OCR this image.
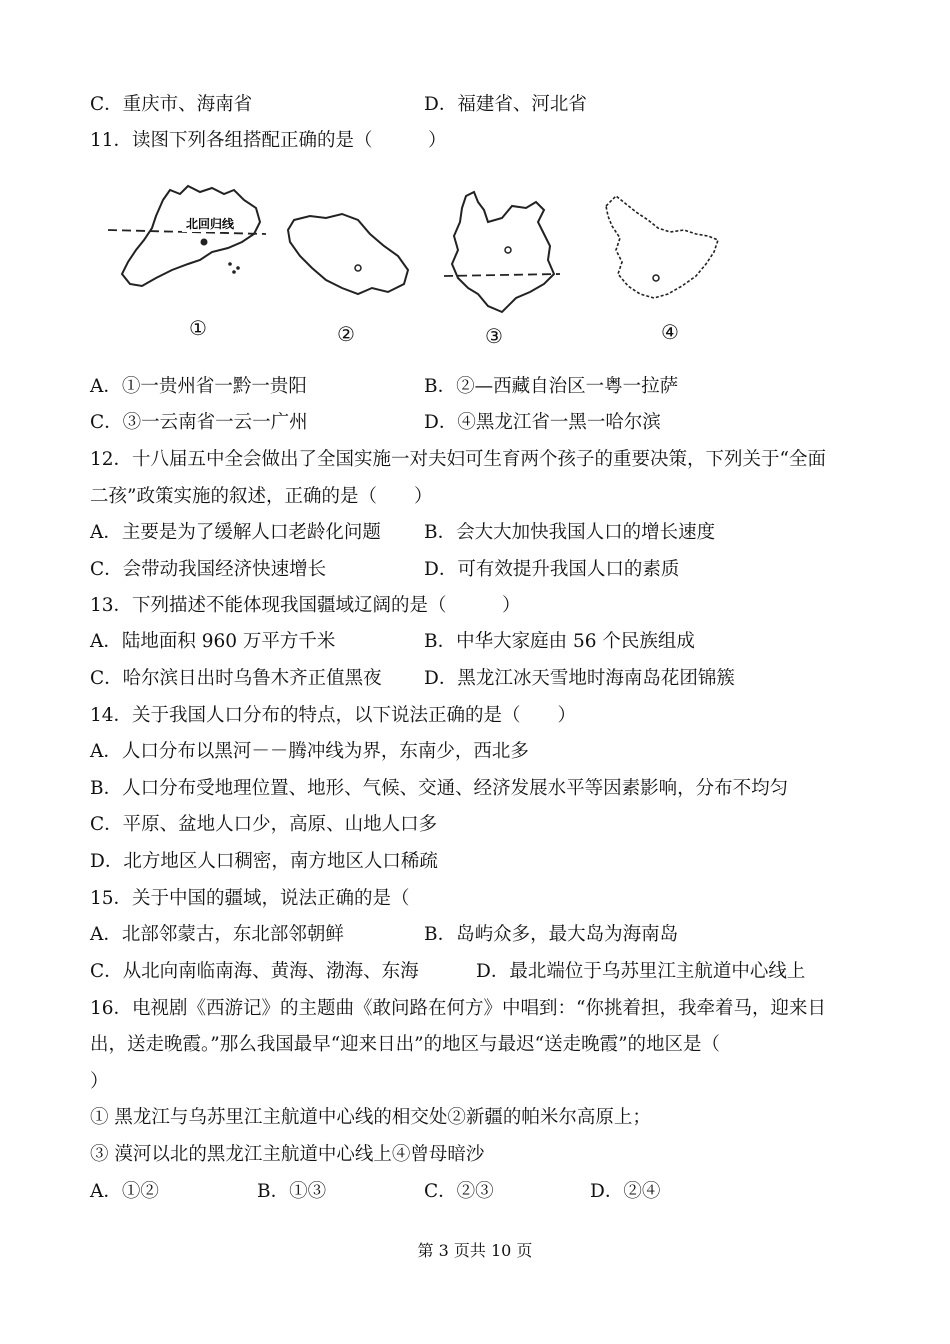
C．重庆市、海南省	D．福建省、河北省
11．读图下列各组搭配正确的是（　　　）
北回归线
①	②	③	④
A．①一贵州省一黔一贵阳	B．②—西藏自治区一粤一拉萨
C．③一云南省一云一广州	D．④黑龙江省一黑一哈尔滨
12．十八届五中全会做出了全国实施一对夫妇可生育两个孩子的重要决策，下列关于“全面
二孩”政策实施的叙述，正确的是（　　）
A．主要是为了缓解人口老龄化问题 B．会大大加快我国人口的增长速度
C．会带动我国经济快速增长	D．可有效提升我国人口的素质
13．下列描述不能体现我国疆域辽阔的是（　　　）
A．陆地面积 960 万平方千米	B．中华大家庭由 56 个民族组成
C．哈尔滨日出时乌鲁木齐正值黑夜 D．黑龙江冰天雪地时海南岛花团锦簇
14．关于我国人口分布的特点，以下说法正确的是（　　）
A．人口分布以黑河－－腾冲线为界，东南少，西北多
B．人口分布受地理位置、地形、气候、交通、经济发展水平等因素影响，分布不均匀
C．平原、盆地人口少，高原、山地人口多
D．北方地区人口稠密，南方地区人口稀疏
15．关于中国的疆域，说法正确的是（
A．北部邻蒙古，东北部邻朝鲜	B．岛屿众多，最大岛为海南岛
C．从北向南临南海、黄海、渤海、东海	D．最北端位于乌苏里江主航道中心线上
16．电视剧《西游记》的主题曲《敢问路在何方》中唱到：“你挑着担，我牵着马，迎来日
出，送走晚霞。”那么我国最早“迎来日出”的地区与最迟“送走晚霞”的地区是（
）
① 黑龙江与乌苏里江主航道中心线的相交处②新疆的帕米尔高原上；
③ 漠河以北的黑龙江主航道中心线上④曾母暗沙
A．①②	B．①③	C．②③	D．②④
第 3 页共 10 页
